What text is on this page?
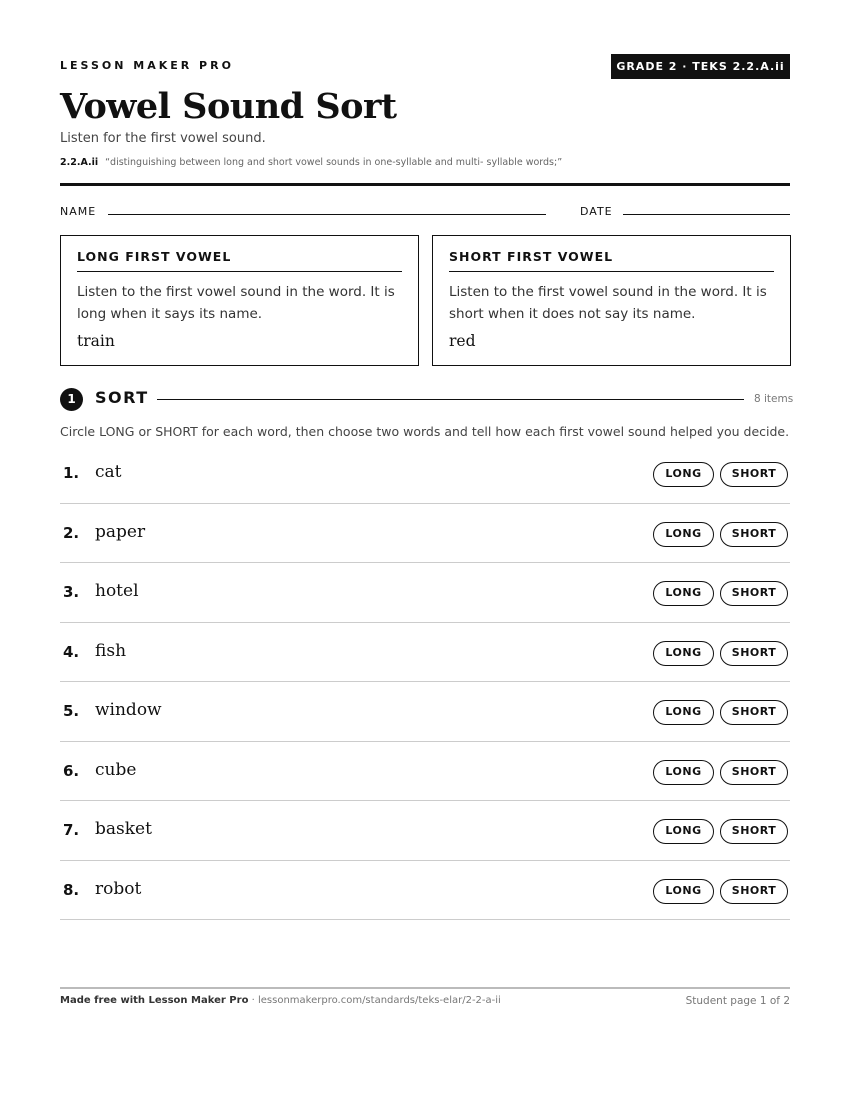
LESSON MAKER PRO	GRADE 2 · TEKS 2.2.A.ii
Vowel Sound Sort
Listen for the first vowel sound.
2.2.A.ii “distinguishing between long and short vowel sounds in one-syllable and multi- syllable words;”
NAME	DATE
LONG FIRST VOWEL
Listen to the first vowel sound in the word. It is long when it says its name.
train
SHORT FIRST VOWEL
Listen to the first vowel sound in the word. It is short when it does not say its name.
red
1	SORT	8 items
Circle LONG or SHORT for each word, then choose two words and tell how each first vowel sound helped you decide.
1. cat	LONG	SHORT
2. paper	LONG	SHORT
3. hotel	LONG	SHORT
4. fish	LONG	SHORT
5. window	LONG	SHORT
6. cube	LONG	SHORT
7. basket	LONG	SHORT
8. robot	LONG	SHORT
Made free with Lesson Maker Pro · lessonmakerpro.com/standards/teks-elar/2-2-a-ii	Student page 1 of 2
